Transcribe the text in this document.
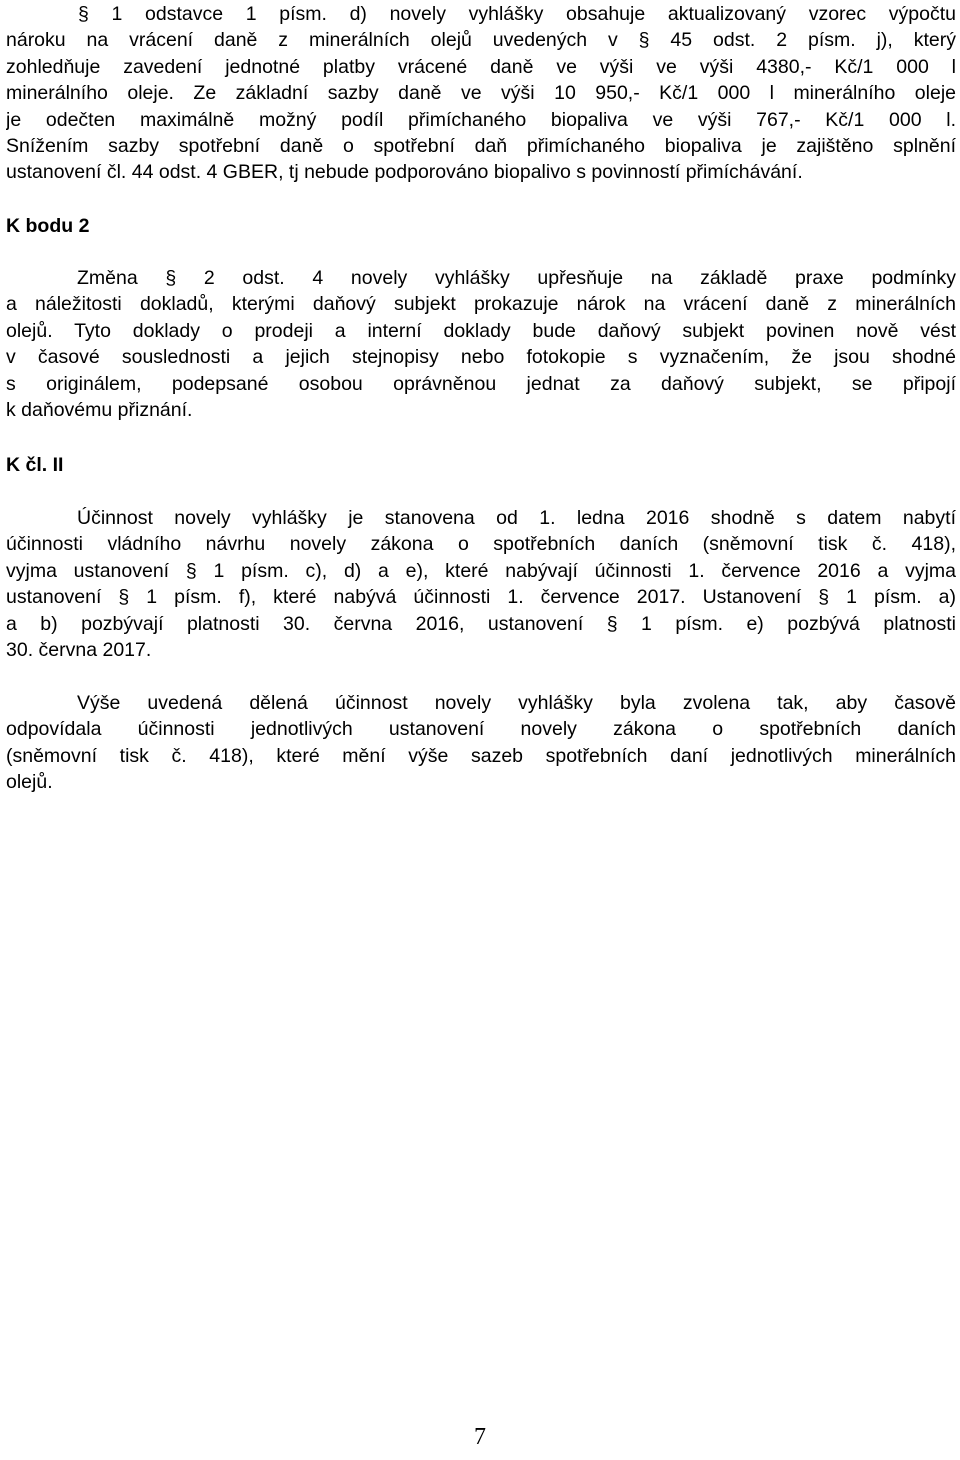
§ 1 odstavce 1 písm. d) novely vyhlášky obsahuje aktualizovaný vzorec výpočtu
nároku na vrácení daně z minerálních olejů uvedených v § 45 odst. 2 písm. j), který
zohledňuje zavedení jednotné platby vrácené daně ve výši ve výši 4380,- Kč/1 000 l
minerálního oleje. Ze základní sazby daně ve výši 10 950,- Kč/1 000 l minerálního oleje
je odečten maximálně možný podíl přimíchaného biopaliva ve výši 767,- Kč/1 000 l.
Snížením sazby spotřební daně o spotřební daň přimíchaného biopaliva je zajištěno splnění
ustanovení čl. 44 odst. 4 GBER, tj nebude podporováno biopalivo s povinností přimíchávání.
K bodu 2
Změna § 2 odst. 4 novely vyhlášky upřesňuje na základě praxe podmínky
a náležitosti dokladů, kterými daňový subjekt prokazuje nárok na vrácení daně z minerálních
olejů. Tyto doklady o prodeji a interní doklady bude daňový subjekt povinen nově vést
v časové souslednosti a jejich stejnopisy nebo fotokopie s vyznačením, že jsou shodné
s originálem, podepsané osobou oprávněnou jednat za daňový subjekt, se připojí
k daňovému přiznání.
K čl. II
Účinnost novely vyhlášky je stanovena od 1. ledna 2016 shodně s datem nabytí
účinnosti vládního návrhu novely zákona o spotřebních daních (sněmovní tisk č. 418),
vyjma ustanovení § 1 písm. c), d) a e), které nabývají účinnosti 1. července 2016 a vyjma
ustanovení § 1 písm. f), které nabývá účinnosti 1. července 2017. Ustanovení § 1 písm. a)
a b) pozbývají platnosti 30. června 2016, ustanovení § 1 písm. e) pozbývá platnosti
30. června 2017.
Výše uvedená dělená účinnost novely vyhlášky byla zvolena tak, aby časově
odpovídala účinnosti jednotlivých ustanovení novely zákona o spotřebních daních
(sněmovní tisk č. 418), které mění výše sazeb spotřebních daní jednotlivých minerálních
olejů.
7
